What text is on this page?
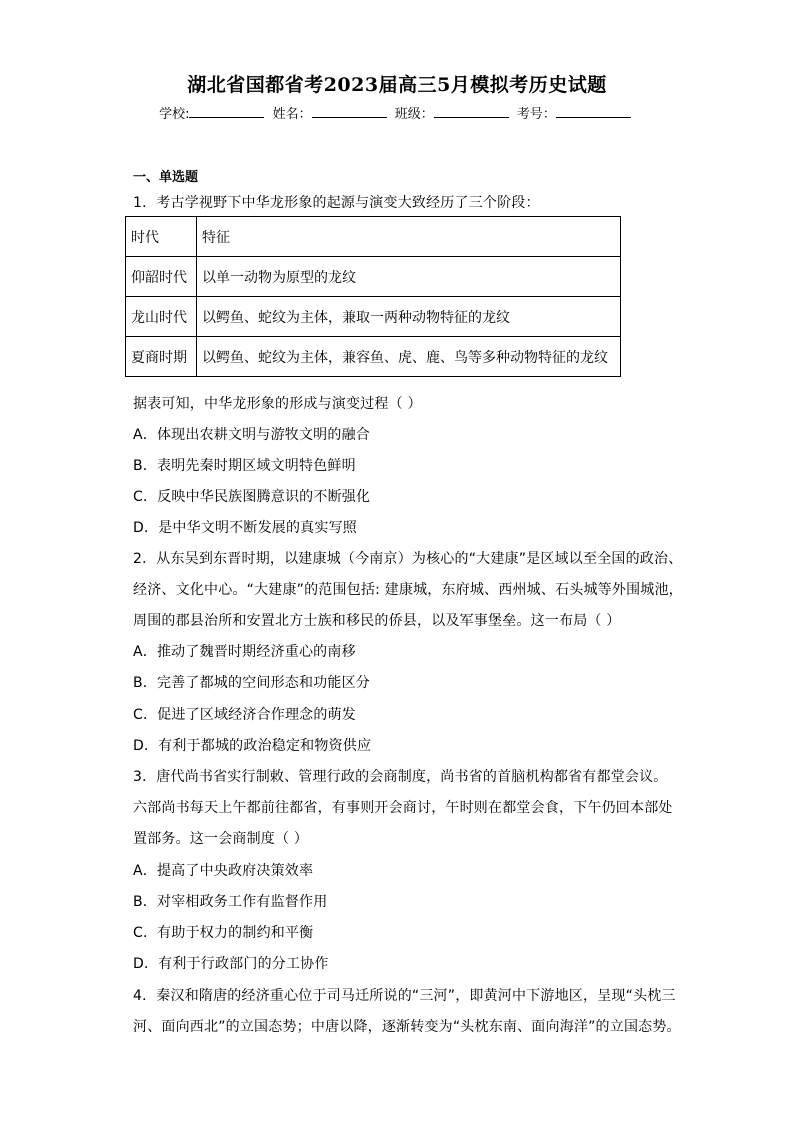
湖北省国都省考2023届高三5月模拟考历史试题
学校:	姓名：	班级：	考号：
一、单选题
1．考古学视野下中华龙形象的起源与演变大致经历了三个阶段：
时代	特征
仰韶时代	以单一动物为原型的龙纹
龙山时代	以鳄鱼、蛇纹为主体，兼取一两种动物特征的龙纹
夏商时期	以鳄鱼、蛇纹为主体，兼容鱼、虎、鹿、鸟等多种动物特征的龙纹
据表可知，中华龙形象的形成与演变过程（ ）
A．体现出农耕文明与游牧文明的融合
B．表明先秦时期区域文明特色鲜明
C．反映中华民族图腾意识的不断强化
D．是中华文明不断发展的真实写照
2．从东吴到东晋时期，以建康城（今南京）为核心的“大建康”是区域以至全国的政治、
经济、文化中心。“大建康”的范围包括: 建康城，东府城、西州城、石头城等外围城池，
周围的郡县治所和安置北方士族和移民的侨县，以及军事堡垒。这一布局（ ）
A．推动了魏晋时期经济重心的南移
B．完善了都城的空间形态和功能区分
C．促进了区域经济合作理念的萌发
D．有利于都城的政治稳定和物资供应
3．唐代尚书省实行制敕、管理行政的会商制度，尚书省的首脑机构都省有都堂会议。
六部尚书每天上午都前往都省，有事则开会商讨，午时则在都堂会食，下午仍回本部处
置部务。这一会商制度（ ）
A．提高了中央政府决策效率
B．对宰相政务工作有监督作用
C．有助于权力的制约和平衡
D．有利于行政部门的分工协作
4．秦汉和隋唐的经济重心位于司马迁所说的“三河”，即黄河中下游地区，呈现“头枕三
河、面向西北”的立国态势；中唐以降，逐渐转变为“头枕东南、面向海洋”的立国态势。
